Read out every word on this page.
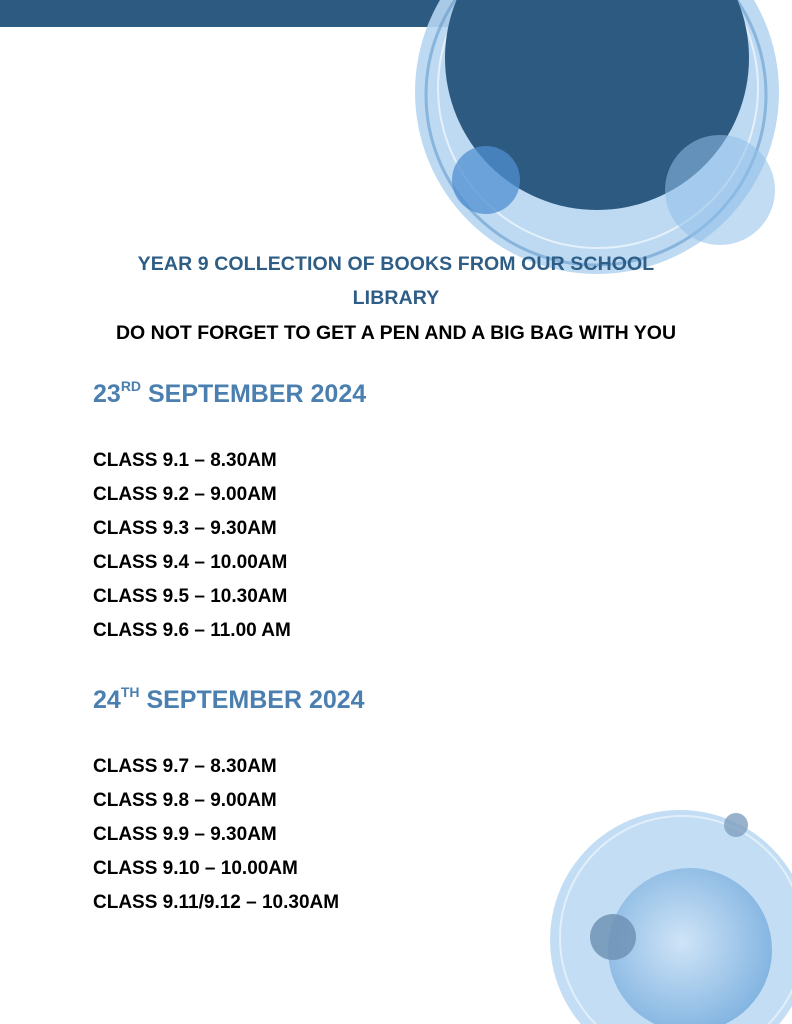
YEAR 9 COLLECTION OF BOOKS FROM OUR SCHOOL
LIBRARY
DO NOT FORGET TO GET A PEN AND A BIG BAG WITH YOU
23RD SEPTEMBER 2024
CLASS 9.1 – 8.30AM
CLASS 9.2 – 9.00AM
CLASS 9.3 – 9.30AM
CLASS 9.4 – 10.00AM
CLASS 9.5 – 10.30AM
CLASS 9.6 – 11.00 AM
24TH SEPTEMBER 2024
CLASS 9.7 – 8.30AM
CLASS 9.8 – 9.00AM
CLASS 9.9 – 9.30AM
CLASS 9.10 – 10.00AM
CLASS 9.11/9.12 – 10.30AM
